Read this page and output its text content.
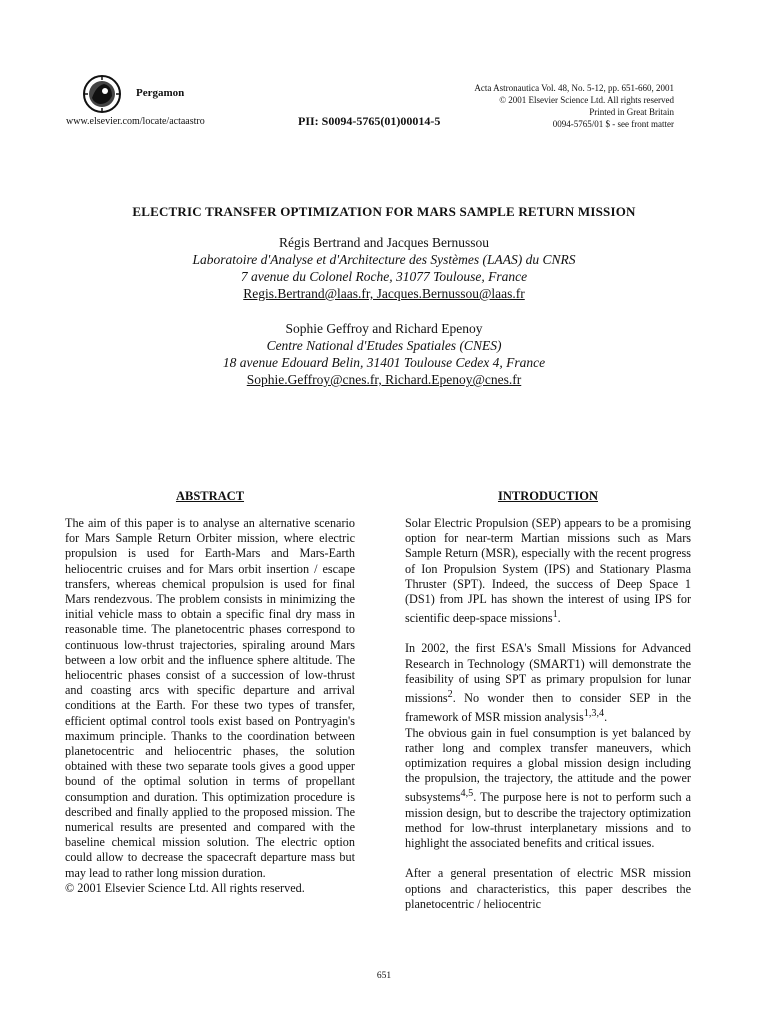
Pergamon
www.elsevier.com/locate/actaastro	PII: S0094-5765(01)00014-5
Acta Astronautica Vol. 48, No. 5-12, pp. 651-660, 2001
© 2001 Elsevier Science Ltd. All rights reserved
Printed in Great Britain
0094-5765/01 $ - see front matter
ELECTRIC TRANSFER OPTIMIZATION FOR MARS SAMPLE RETURN MISSION
Régis Bertrand and Jacques Bernussou
Laboratoire d'Analyse et d'Architecture des Systèmes (LAAS) du CNRS
7 avenue du Colonel Roche, 31077 Toulouse, France
Regis.Bertrand@laas.fr, Jacques.Bernussou@laas.fr
Sophie Geffroy and Richard Epenoy
Centre National d'Etudes Spatiales (CNES)
18 avenue Edouard Belin, 31401 Toulouse Cedex 4, France
Sophie.Geffroy@cnes.fr, Richard.Epenoy@cnes.fr
ABSTRACT	INTRODUCTION

The aim of this paper is to analyse an alternative scenario for Mars Sample Return Orbiter mission, where electric propulsion is used for Earth-Mars and Mars-Earth heliocentric cruises and for Mars orbit insertion / escape transfers, whereas chemical propulsion is used for final Mars rendezvous. The problem consists in minimizing the initial vehicle mass to obtain a specific final dry mass in reasonable time. The planetocentric phases correspond to continuous low-thrust trajectories, spiraling around Mars between a low orbit and the influence sphere altitude. The heliocentric phases consist of a succession of low-thrust and coasting arcs with specific departure and arrival conditions at the Earth. For these two types of transfer, efficient optimal control tools exist based on Pontryagin's maximum principle. Thanks to the coordination between planetocentric and heliocentric phases, the solution obtained with these two separate tools gives a good upper bound of the optimal solution in terms of propellant consumption and duration. This optimization procedure is described and finally applied to the proposed mission. The numerical results are presented and compared with the baseline chemical mission solution. The electric option could allow to decrease the spacecraft departure mass but may lead to rather long mission duration.

© 2001 Elsevier Science Ltd. All rights reserved.

Solar Electric Propulsion (SEP) appears to be a promising option for near-term Martian missions such as Mars Sample Return (MSR), especially with the recent progress of Ion Propulsion System (IPS) and Stationary Plasma Thruster (SPT). Indeed, the success of Deep Space 1 (DS1) from JPL has shown the interest of using IPS for scientific deep-space missions$^1$.

In 2002, the first ESA's Small Missions for Advanced Research in Technology (SMART1) will demonstrate the feasibility of using SPT as primary propulsion for lunar missions$^2$. No wonder then to consider SEP in the framework of MSR mission analysis$^{1,3,4}$.

The obvious gain in fuel consumption is yet balanced by rather long and complex transfer maneuvers, which optimization requires a global mission design including the propulsion, the trajectory, the attitude and the power subsystems$^{4,5}$. The purpose here is not to perform such a mission design, but to describe the trajectory optimization method for low-thrust interplanetary missions and to highlight the associated benefits and critical issues.

After a general presentation of electric MSR mission options and characteristics, this paper describes the planetocentric / heliocentric

651
